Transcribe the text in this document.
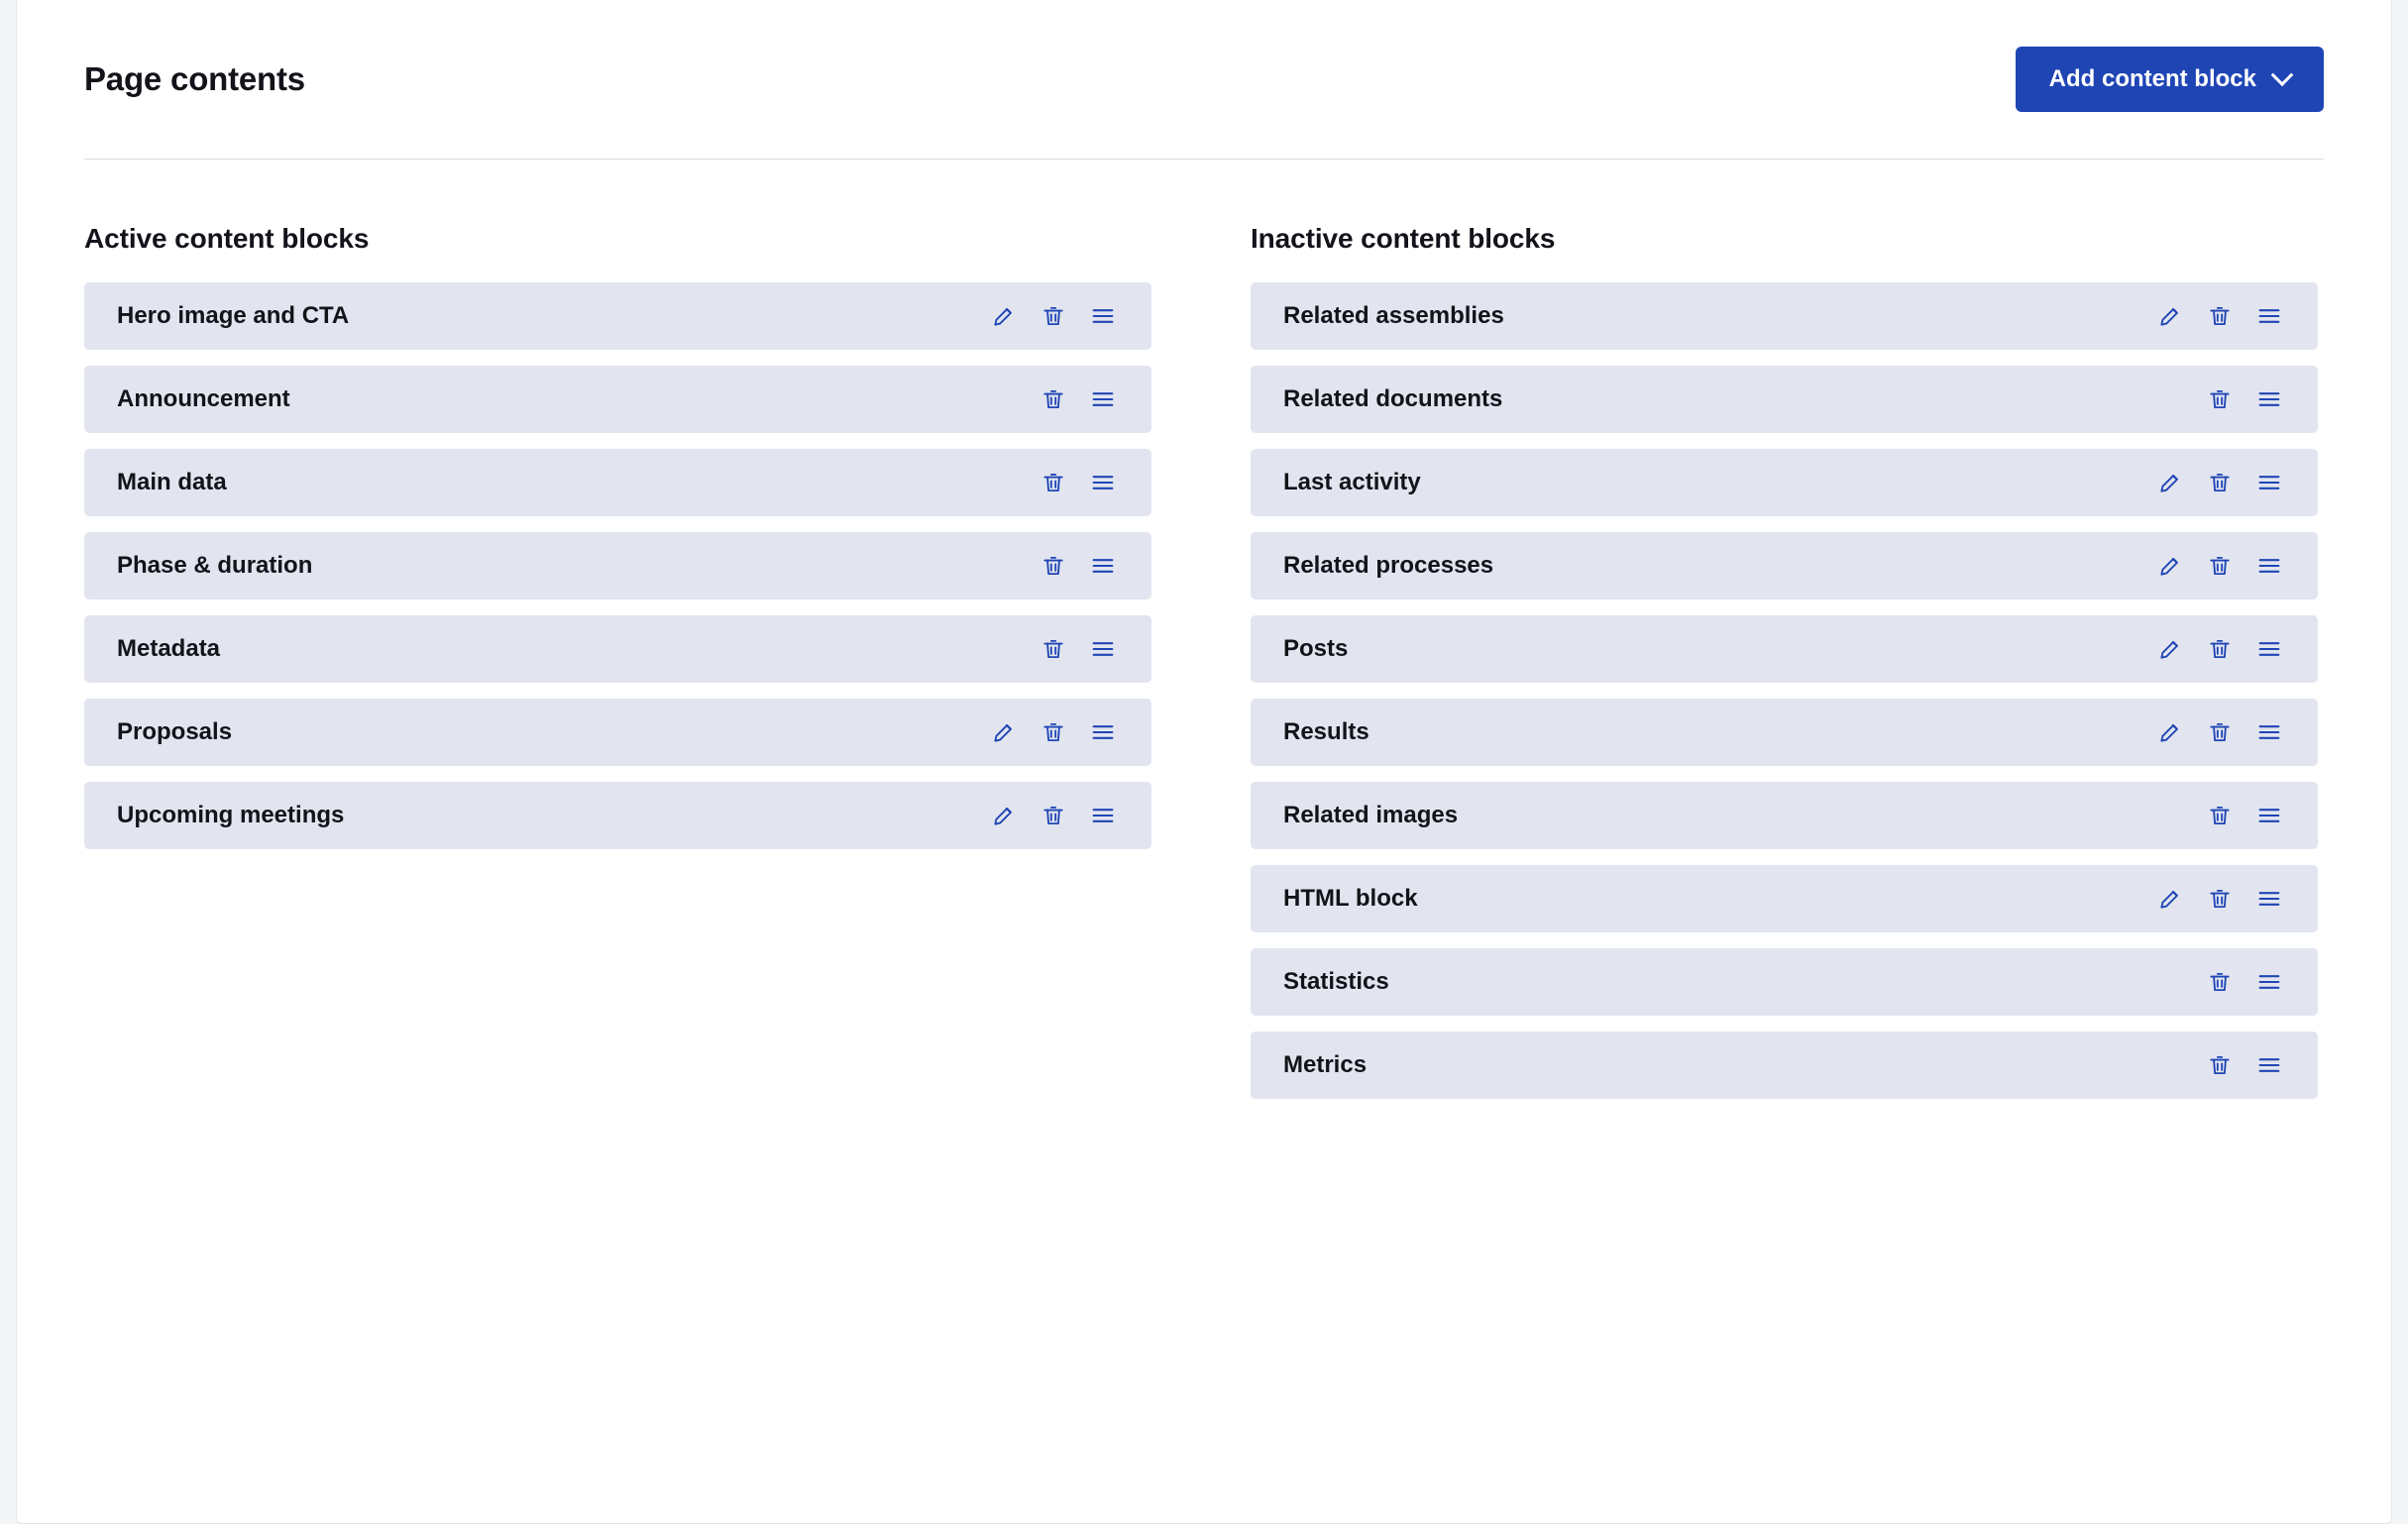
Page contents	Add content block
Active content blocks
Hero image and CTA
Announcement
Main data
Phase & duration
Metadata
Proposals
Upcoming meetings
Inactive content blocks
Related assemblies
Related documents
Last activity
Related processes
Posts
Results
Related images
HTML block
Statistics
Metrics
